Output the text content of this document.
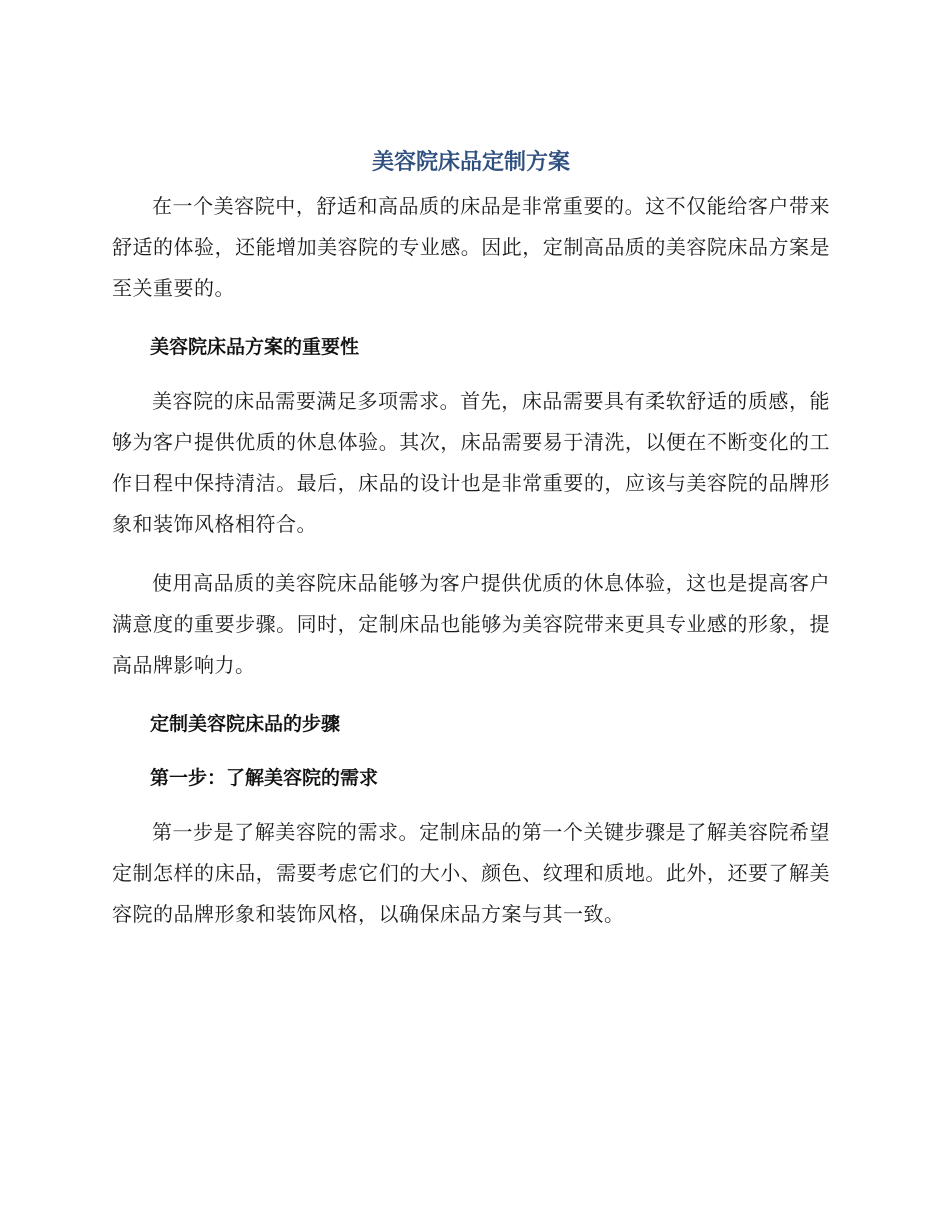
美容院床品定制方案

在一个美容院中，舒适和高品质的床品是非常重要的。这不仅能给客户带来舒适的体验，还能增加美容院的专业感。因此，定制高品质的美容院床品方案是至关重要的。

美容院床品方案的重要性

美容院的床品需要满足多项需求。首先，床品需要具有柔软舒适的质感，能够为客户提供优质的休息体验。其次，床品需要易于清洗，以便在不断变化的工作日程中保持清洁。最后，床品的设计也是非常重要的，应该与美容院的品牌形象和装饰风格相符合。

使用高品质的美容院床品能够为客户提供优质的休息体验，这也是提高客户满意度的重要步骤。同时，定制床品也能够为美容院带来更具专业感的形象，提高品牌影响力。

定制美容院床品的步骤
第一步：了解美容院的需求

第一步是了解美容院的需求。定制床品的第一个关键步骤是了解美容院希望定制怎样的床品，需要考虑它们的大小、颜色、纹理和质地。此外，还要了解美容院的品牌形象和装饰风格，以确保床品方案与其一致。
